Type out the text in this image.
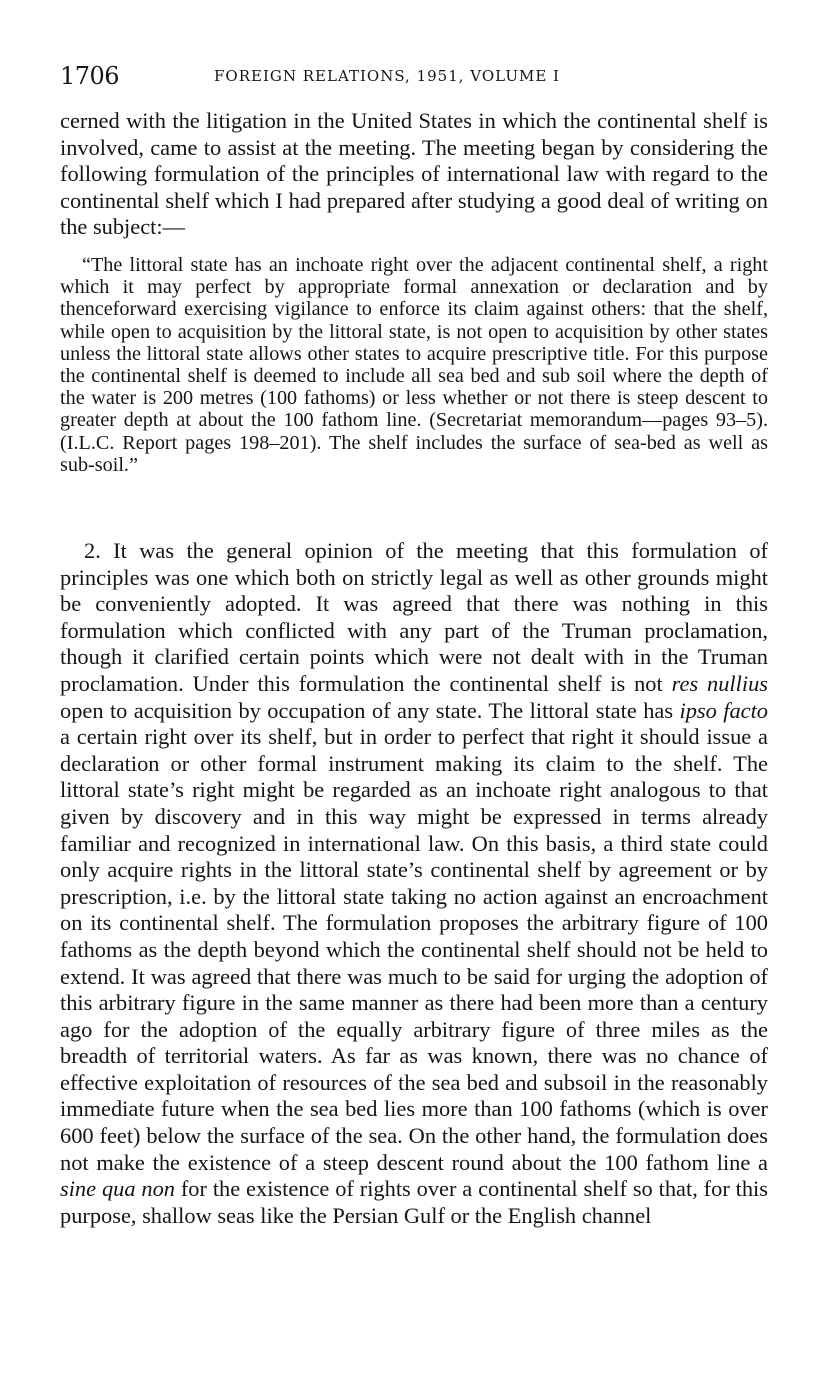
1706	FOREIGN RELATIONS, 1951, VOLUME I

cerned with the litigation in the United States in which the continental shelf is involved, came to assist at the meeting. The meeting began by considering the following formulation of the principles of international law with regard to the continental shelf which I had prepared after studying a good deal of writing on the subject:—

“The littoral state has an inchoate right over the adjacent continental shelf, a right which it may perfect by appropriate formal annexation or declaration and by thenceforward exercising vigilance to enforce its claim against others: that the shelf, while open to acquisition by the littoral state, is not open to acquisition by other states unless the littoral state allows other states to acquire prescriptive title. For this purpose the continental shelf is deemed to include all sea bed and sub soil where the depth of the water is 200 metres (100 fathoms) or less whether or not there is steep descent to greater depth at about the 100 fathom line. (Secretariat memorandum—pages 93–5). (I.L.C. Report pages 198–201). The shelf includes the surface of sea-bed as well as sub-soil.”

2. It was the general opinion of the meeting that this formulation of principles was one which both on strictly legal as well as other grounds might be conveniently adopted. It was agreed that there was nothing in this formulation which conflicted with any part of the Truman proclamation, though it clarified certain points which were not dealt with in the Truman proclamation. Under this formulation the continental shelf is not res nullius open to acquisition by occupation of any state. The littoral state has ipso facto a certain right over its shelf, but in order to perfect that right it should issue a declaration or other formal instrument making its claim to the shelf. The littoral state’s right might be regarded as an inchoate right analogous to that given by discovery and in this way might be expressed in terms already familiar and recognized in international law. On this basis, a third state could only acquire rights in the littoral state’s continental shelf by agreement or by prescription, i.e. by the littoral state taking no action against an encroachment on its continental shelf. The formulation proposes the arbitrary figure of 100 fathoms as the depth beyond which the continental shelf should not be held to extend. It was agreed that there was much to be said for urging the adoption of this arbitrary figure in the same manner as there had been more than a century ago for the adoption of the equally arbitrary figure of three miles as the breadth of territorial waters. As far as was known, there was no chance of effective exploitation of resources of the sea bed and subsoil in the reasonably immediate future when the sea bed lies more than 100 fathoms (which is over 600 feet) below the surface of the sea. On the other hand, the formulation does not make the existence of a steep descent round about the 100 fathom line a sine qua non for the existence of rights over a continental shelf so that, for this purpose, shallow seas like the Persian Gulf or the English channel
